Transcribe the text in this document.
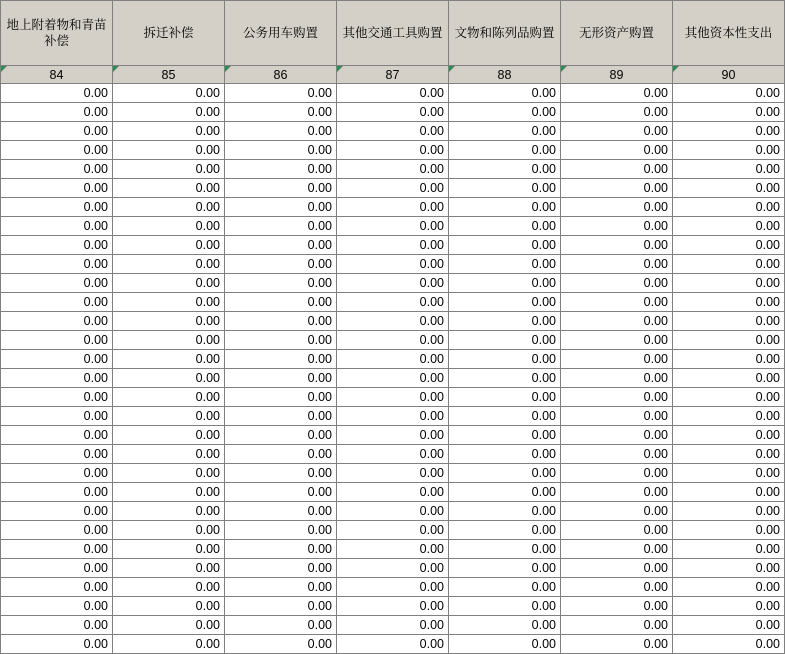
地上附着物和青苗补偿	拆迁补偿	公务用车购置	其他交通工具购置	文物和陈列品购置	无形资产购置	其他资本性支出

84	85	86	87	88	89	90
0.00	0.00	0.00	0.00	0.00	0.00	0.00
0.00	0.00	0.00	0.00	0.00	0.00	0.00
0.00	0.00	0.00	0.00	0.00	0.00	0.00
0.00	0.00	0.00	0.00	0.00	0.00	0.00
0.00	0.00	0.00	0.00	0.00	0.00	0.00
0.00	0.00	0.00	0.00	0.00	0.00	0.00
0.00	0.00	0.00	0.00	0.00	0.00	0.00
0.00	0.00	0.00	0.00	0.00	0.00	0.00
0.00	0.00	0.00	0.00	0.00	0.00	0.00
0.00	0.00	0.00	0.00	0.00	0.00	0.00
0.00	0.00	0.00	0.00	0.00	0.00	0.00
0.00	0.00	0.00	0.00	0.00	0.00	0.00
0.00	0.00	0.00	0.00	0.00	0.00	0.00
0.00	0.00	0.00	0.00	0.00	0.00	0.00
0.00	0.00	0.00	0.00	0.00	0.00	0.00
0.00	0.00	0.00	0.00	0.00	0.00	0.00
0.00	0.00	0.00	0.00	0.00	0.00	0.00
0.00	0.00	0.00	0.00	0.00	0.00	0.00
0.00	0.00	0.00	0.00	0.00	0.00	0.00
0.00	0.00	0.00	0.00	0.00	0.00	0.00
0.00	0.00	0.00	0.00	0.00	0.00	0.00
0.00	0.00	0.00	0.00	0.00	0.00	0.00
0.00	0.00	0.00	0.00	0.00	0.00	0.00
0.00	0.00	0.00	0.00	0.00	0.00	0.00
0.00	0.00	0.00	0.00	0.00	0.00	0.00
0.00	0.00	0.00	0.00	0.00	0.00	0.00
0.00	0.00	0.00	0.00	0.00	0.00	0.00
0.00	0.00	0.00	0.00	0.00	0.00	0.00
0.00	0.00	0.00	0.00	0.00	0.00	0.00
0.00	0.00	0.00	0.00	0.00	0.00	0.00
